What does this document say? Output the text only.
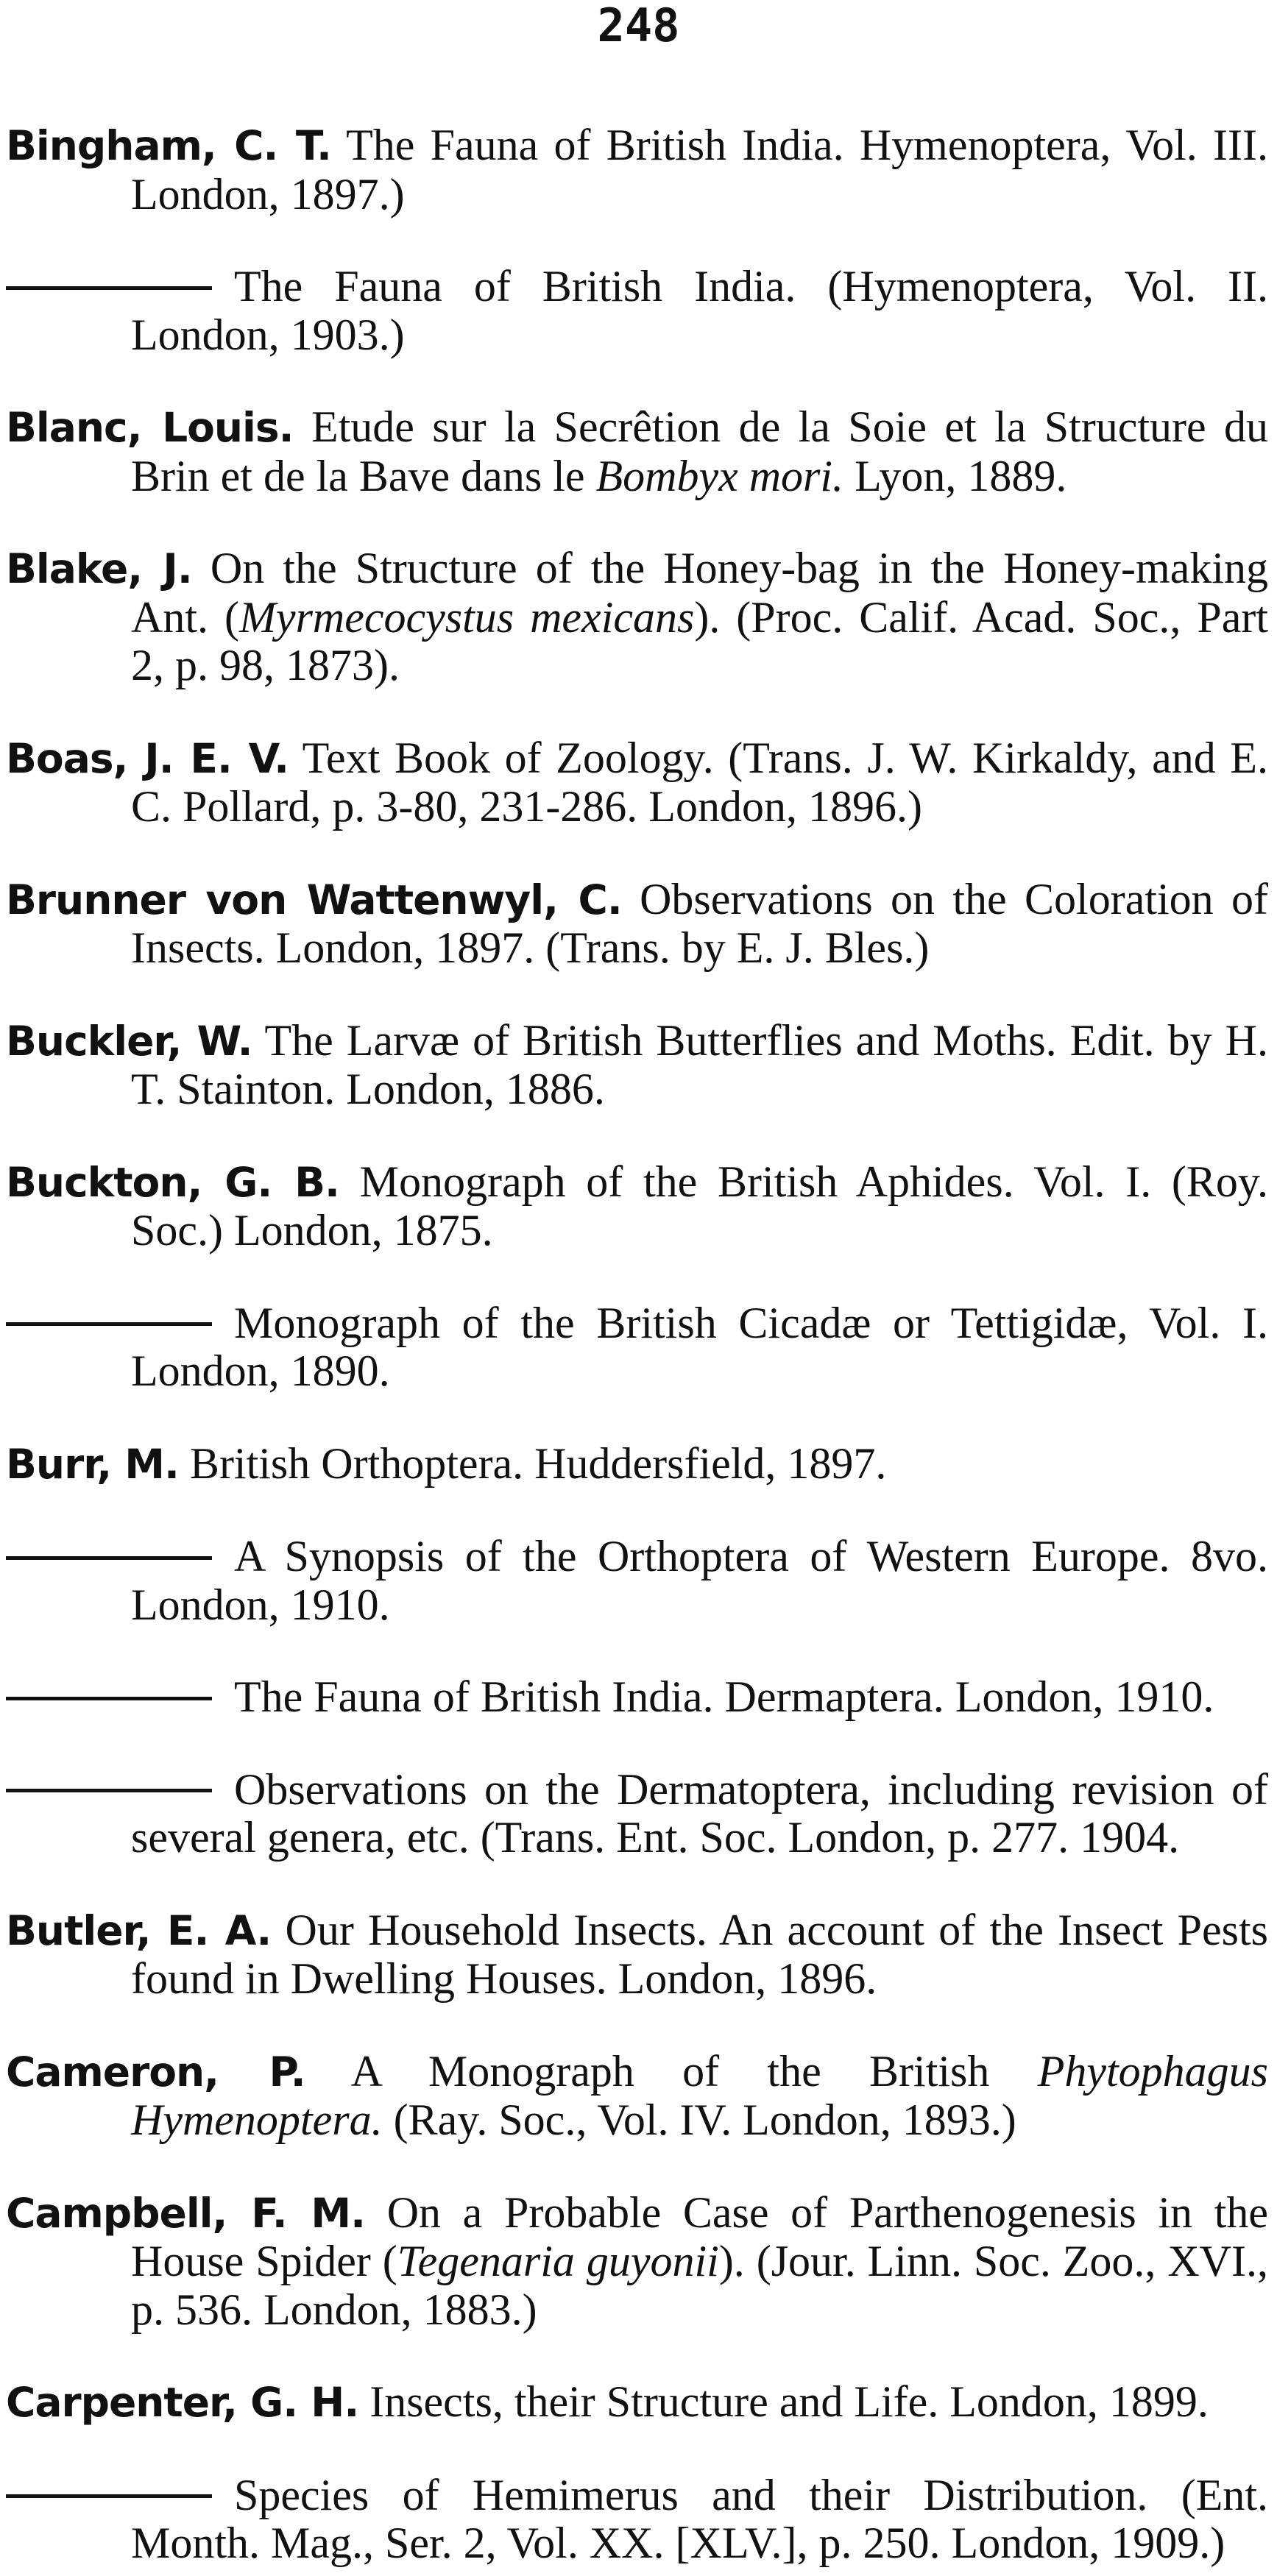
248

Bingham, C. T. The Fauna of British India. Hymenoptera, Vol. III. London, 1897.)

The Fauna of British India. (Hymenoptera, Vol. II. London, 1903.)

Blanc, Louis. Etude sur la Secrêtion de la Soie et la Structure du Brin et de la Bave dans le Bombyx mori. Lyon, 1889.

Blake, J. On the Structure of the Honey-bag in the Honey-making Ant. (Myrmecocystus mexicans). (Proc. Calif. Acad. Soc., Part 2, p. 98, 1873).

Boas, J. E. V. Text Book of Zoology. (Trans. J. W. Kirkaldy, and E. C. Pollard, p. 3-80, 231-286. London, 1896.)

Brunner von Wattenwyl, C. Observations on the Coloration of Insects. London, 1897. (Trans. by E. J. Bles.)

Buckler, W. The Larvæ of British Butterflies and Moths. Edit. by H. T. Stainton. London, 1886.

Buckton, G. B. Monograph of the British Aphides. Vol. I. (Roy. Soc.) London, 1875.

Monograph of the British Cicadæ or Tettigidæ, Vol. I. London, 1890.

Burr, M. British Orthoptera. Huddersfield, 1897.

A Synopsis of the Orthoptera of Western Europe. 8vo. London, 1910.

The Fauna of British India. Dermaptera. London, 1910.

Observations on the Dermatoptera, including revision of several genera, etc. (Trans. Ent. Soc. London, p. 277. 1904.

Butler, E. A. Our Household Insects. An account of the Insect Pests found in Dwelling Houses. London, 1896.

Cameron, P. A Monograph of the British Phytophagus Hymenoptera. (Ray. Soc., Vol. IV. London, 1893.)

Campbell, F. M. On a Probable Case of Parthenogenesis in the House Spider (Tegenaria guyonii). (Jour. Linn. Soc. Zoo., XVI., p. 536. London, 1883.)

Carpenter, G. H. Insects, their Structure and Life. London, 1899.

Species of Hemimerus and their Distribution. (Ent. Month. Mag., Ser. 2, Vol. XX. [XLV.], p. 250. London, 1909.)
